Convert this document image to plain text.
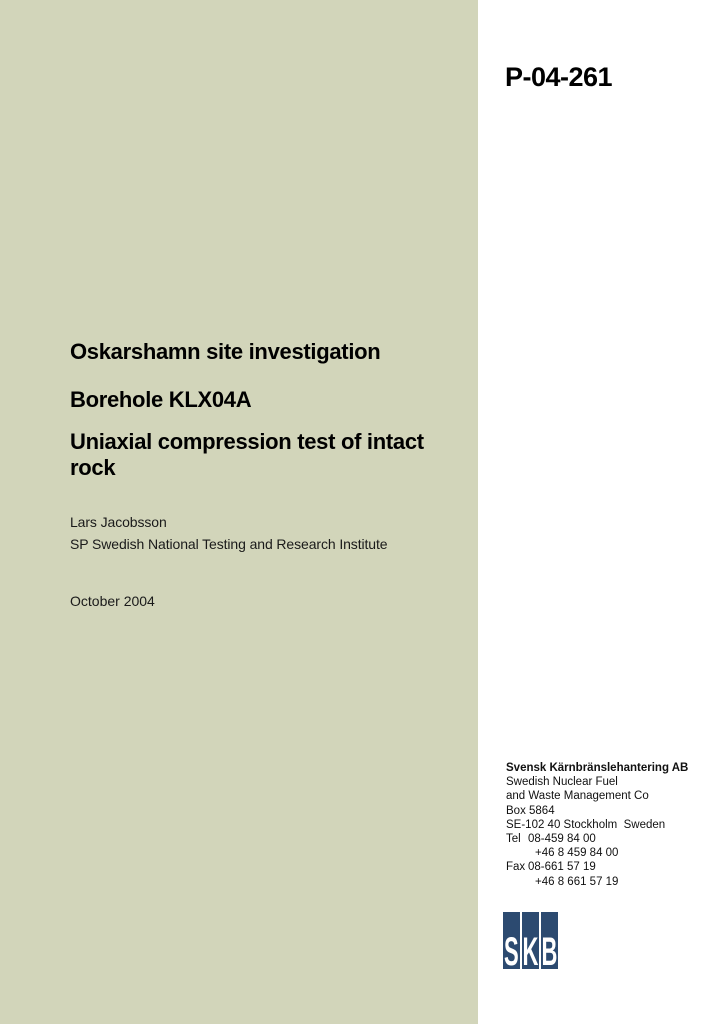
P-04-261
Oskarshamn site investigation
Borehole KLX04A
Uniaxial compression test of intact
rock
Lars Jacobsson
SP Swedish National Testing and Research Institute
October 2004
Svensk Kärnbränslehantering AB
Swedish Nuclear Fuel
and Waste Management Co
Box 5864
SE-102 40 Stockholm  Sweden
Tel 08-459 84 00
+46 8 459 84 00
Fax 08-661 57 19
+46 8 661 57 19
S K B
